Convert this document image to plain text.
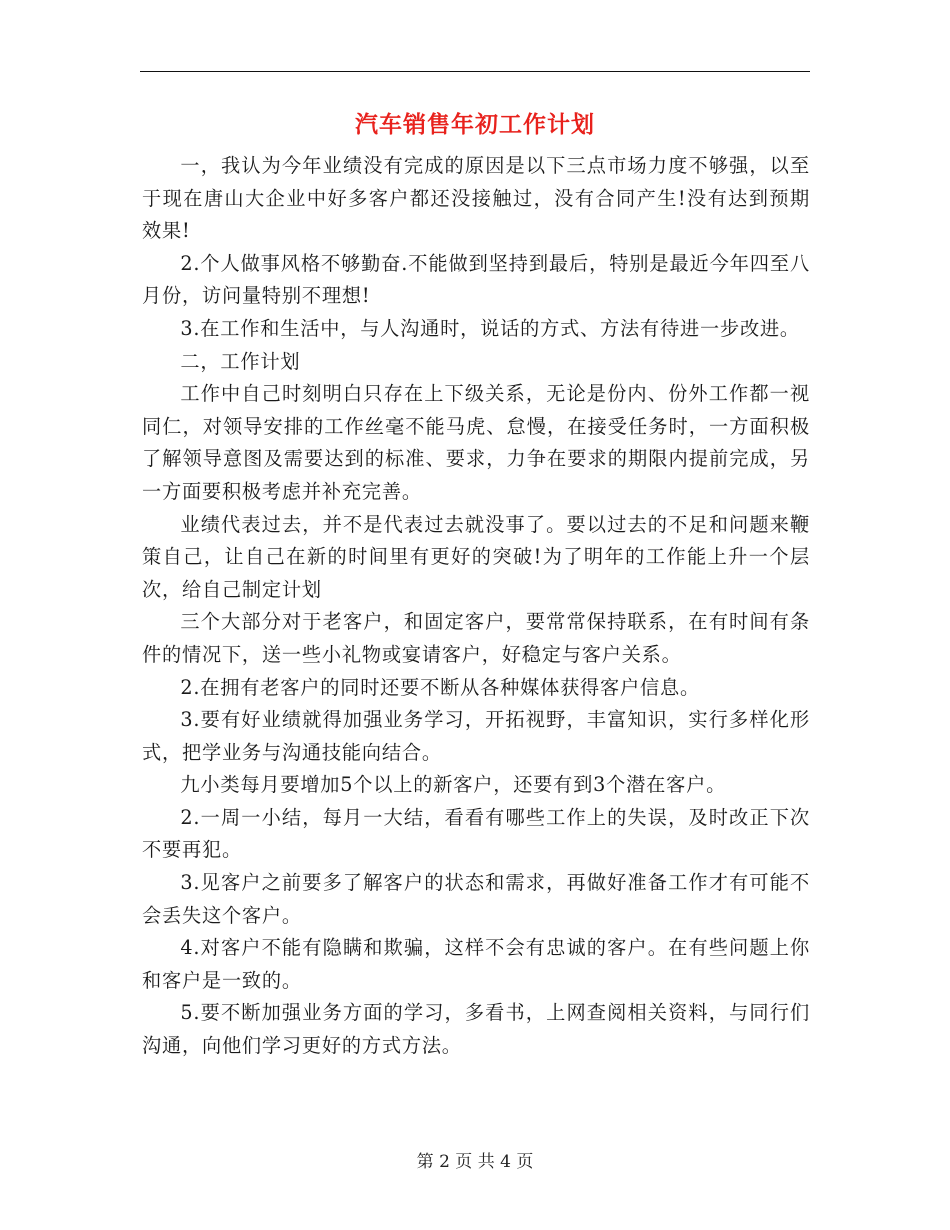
汽车销售年初工作计划

一，我认为今年业绩没有完成的原因是以下三点市场力度不够强，以至于现在唐山大企业中好多客户都还没接触过，没有合同产生!没有达到预期效果!

2.个人做事风格不够勤奋.不能做到坚持到最后，特别是最近今年四至八月份，访问量特别不理想!

3.在工作和生活中，与人沟通时，说话的方式、方法有待进一步改进。

二，工作计划

工作中自己时刻明白只存在上下级关系，无论是份内、份外工作都一视同仁，对领导安排的工作丝毫不能马虎、怠慢，在接受任务时，一方面积极了解领导意图及需要达到的标准、要求，力争在要求的期限内提前完成，另一方面要积极考虑并补充完善。

业绩代表过去，并不是代表过去就没事了。要以过去的不足和问题来鞭策自己，让自己在新的时间里有更好的突破!为了明年的工作能上升一个层次，给自己制定计划

三个大部分对于老客户，和固定客户，要常常保持联系，在有时间有条件的情况下，送一些小礼物或宴请客户，好稳定与客户关系。

2.在拥有老客户的同时还要不断从各种媒体获得客户信息。

3.要有好业绩就得加强业务学习，开拓视野，丰富知识，实行多样化形式，把学业务与沟通技能向结合。

九小类每月要增加5个以上的新客户，还要有到3个潜在客户。

2.一周一小结，每月一大结，看看有哪些工作上的失误，及时改正下次不要再犯。

3.见客户之前要多了解客户的状态和需求，再做好准备工作才有可能不会丢失这个客户。

4.对客户不能有隐瞒和欺骗，这样不会有忠诚的客户。在有些问题上你和客户是一致的。

5.要不断加强业务方面的学习，多看书，上网查阅相关资料，与同行们沟通，向他们学习更好的方式方法。

第 2 页 共 4 页
